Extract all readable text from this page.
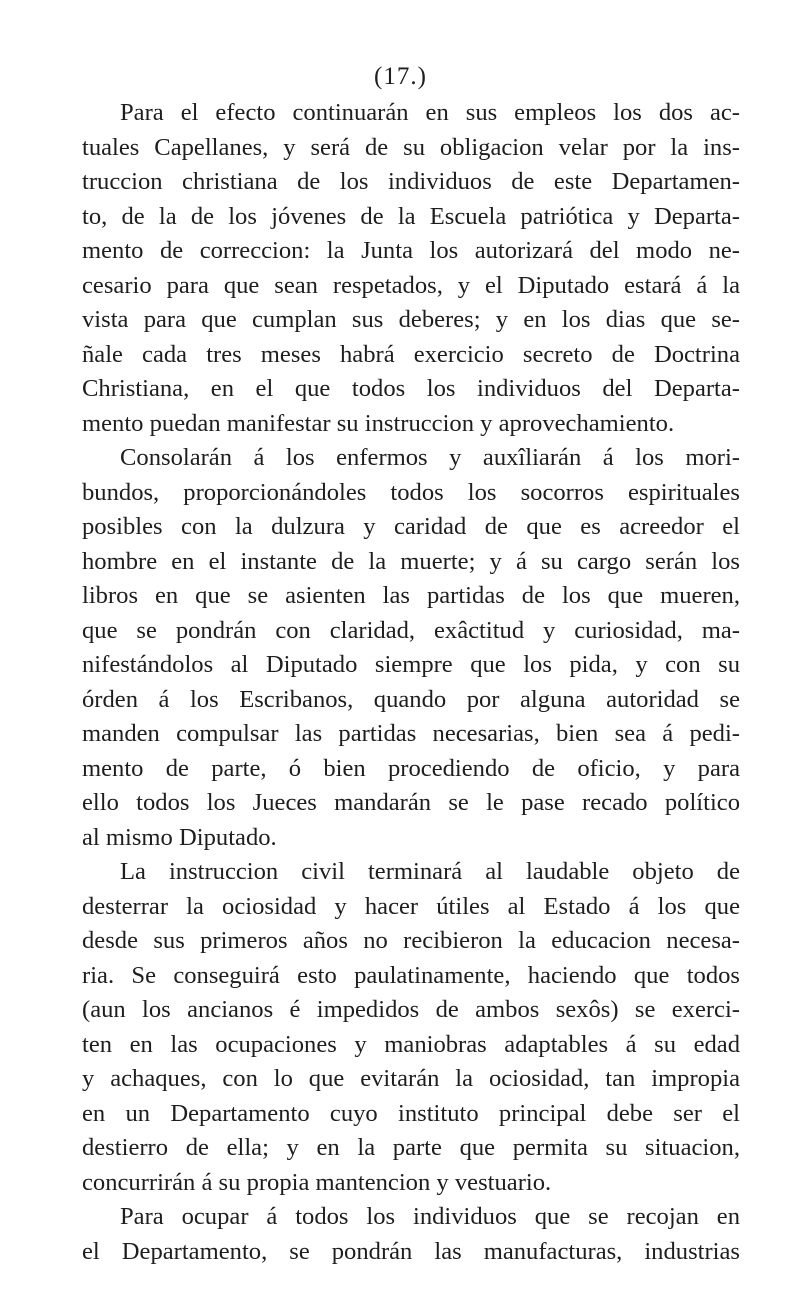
(17.)
Para el efecto continuarán en sus empleos los dos ac-
tuales Capellanes, y será de su obligacion velar por la ins-
truccion christiana de los individuos de este Departamen-
to, de la de los jóvenes de la Escuela patriótica y Departa-
mento de correccion: la Junta los autorizará del modo ne-
cesario para que sean respetados, y el Diputado estará á la
vista para que cumplan sus deberes; y en los dias que se-
ñale cada tres meses habrá exercicio secreto de Doctrina
Christiana, en el que todos los individuos del Departa-
mento puedan manifestar su instruccion y aprovechamiento.
Consolarán á los enfermos y auxîliarán á los mori-
bundos, proporcionándoles todos los socorros espirituales
posibles con la dulzura y caridad de que es acreedor el
hombre en el instante de la muerte; y á su cargo serán los
libros en que se asienten las partidas de los que mueren,
que se pondrán con claridad, exâctitud y curiosidad, ma-
nifestándolos al Diputado siempre que los pida, y con su
órden á los Escribanos, quando por alguna autoridad se
manden compulsar las partidas necesarias, bien sea á pedi-
mento de parte, ó bien procediendo de oficio, y para
ello todos los Jueces mandarán se le pase recado político
al mismo Diputado.
La instruccion civil terminará al laudable objeto de
desterrar la ociosidad y hacer útiles al Estado á los que
desde sus primeros años no recibieron la educacion necesa-
ria. Se conseguirá esto paulatinamente, haciendo que todos
(aun los ancianos é impedidos de ambos sexôs) se exerci-
ten en las ocupaciones y maniobras adaptables á su edad
y achaques, con lo que evitarán la ociosidad, tan impropia
en un Departamento cuyo instituto principal debe ser el
destierro de ella; y en la parte que permita su situacion,
concurrirán á su propia mantencion y vestuario.
Para ocupar á todos los individuos que se recojan en
el Departamento, se pondrán las manufacturas, industrias
